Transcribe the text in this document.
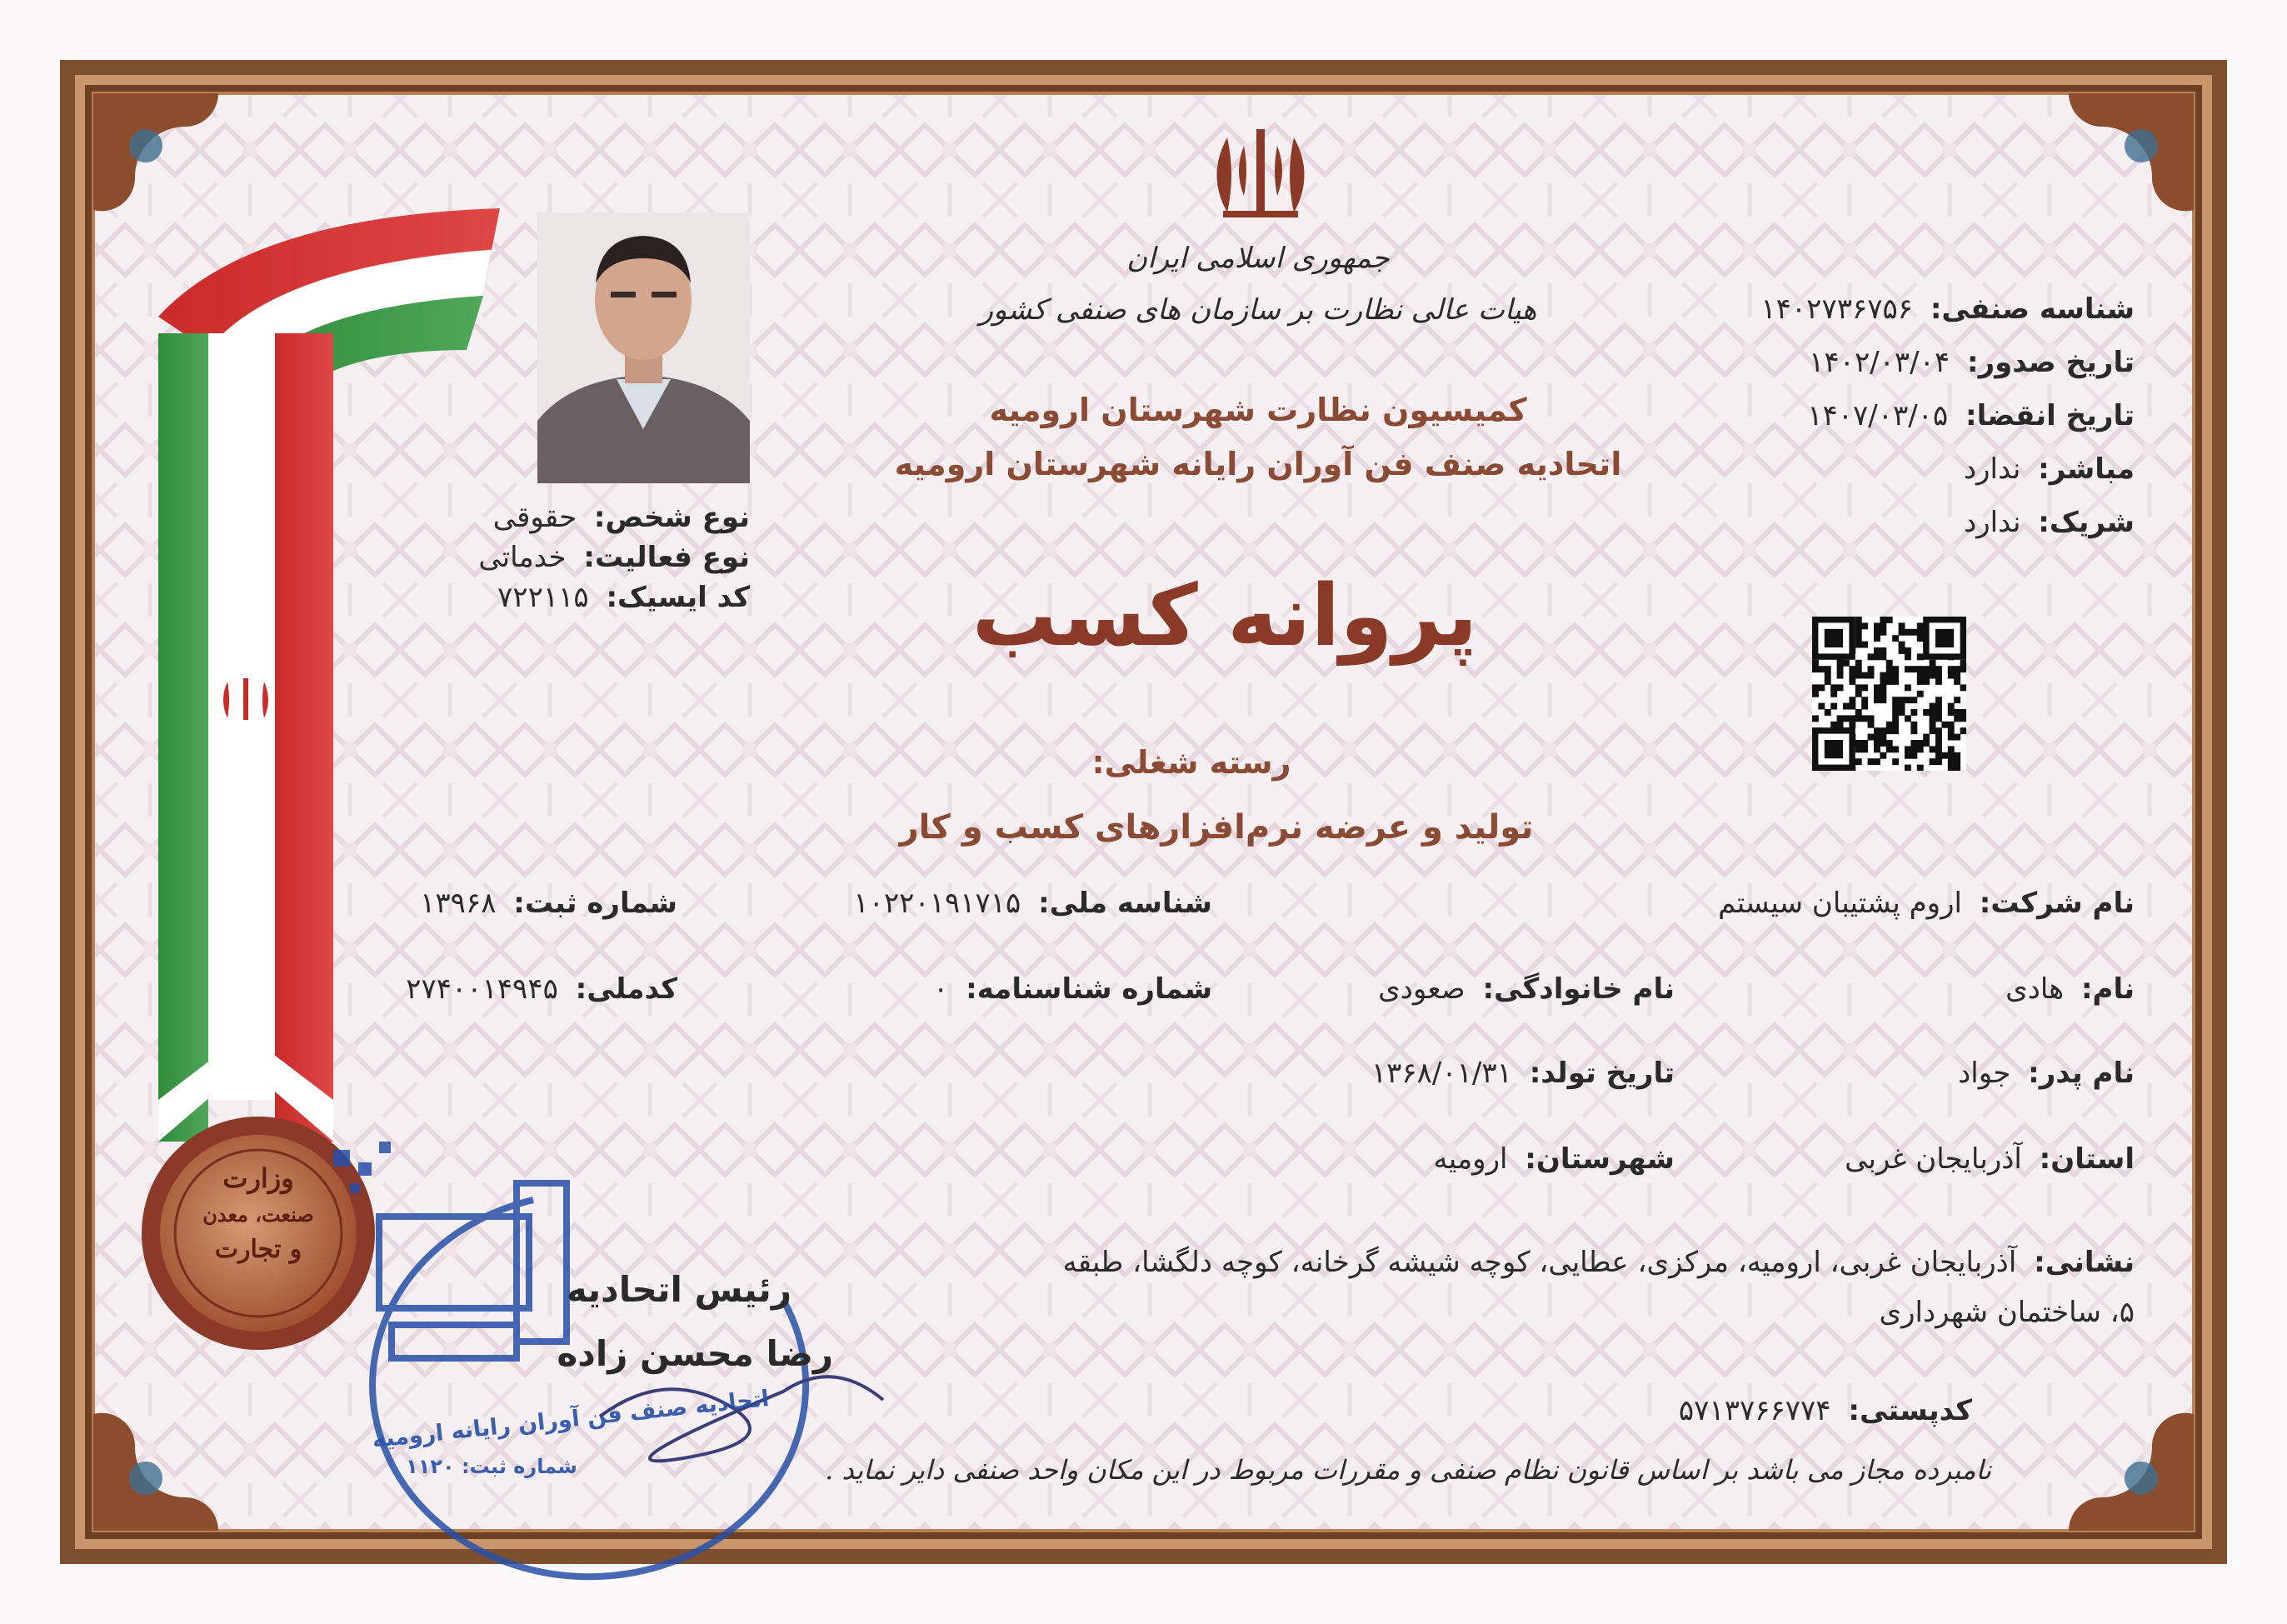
جمهوری اسلامی ایران
هیات عالی نظارت بر سازمان های صنفی کشور
کمیسیون نظارت شهرستان ارومیه
اتحادیه صنف فن آوران رایانه شهرستان ارومیه
پروانه کسب
رسته شغلی:
تولید و عرضه نرم‌افزارهای کسب و کار
شناسه صنفی: ۱۴۰۲۷۳۶۷۵۶
تاریخ صدور: ۱۴۰۲/۰۳/۰۴
تاریخ انقضا: ۱۴۰۷/۰۳/۰۵
مباشر: ندارد
شریک: ندارد
نوع شخص: حقوقی
نوع فعالیت: خدماتی
کد ایسیک: ۷۲۲۱۱۵
نام شرکت: اروم پشتیبان سیستم
شناسه ملی: ۱۰۲۲۰۱۹۱۷۱۵
شماره ثبت: ۱۳۹۶۸
نام: هادی
نام خانوادگی: صعودی
شماره شناسنامه: ۰
کدملی: ۲۷۴۰۰۱۴۹۴۵
نام پدر: جواد
تاریخ تولد: ۱۳۶۸/۰۱/۳۱
استان: آذربایجان غربی
شهرستان: ارومیه
نشانی: آذربایجان غربی، ارومیه، مرکزی، عطایی، کوچه شیشه گرخانه، کوچه دلگشا، طبقه
۵، ساختمان شهرداری
کدپستی: ۵۷۱۳۷۶۶۷۷۴
رئیس اتحادیه
رضا محسن زاده
وزارت
صنعت، معدن
و تجارت
اتحادیه صنف فن آوران رایانه ارومیه
شماره ثبت: ۱۱۲۰	نامبرده مجاز می باشد بر اساس قانون نظام صنفی و مقررات مربوط در این مکان واحد صنفی دایر نماید .
